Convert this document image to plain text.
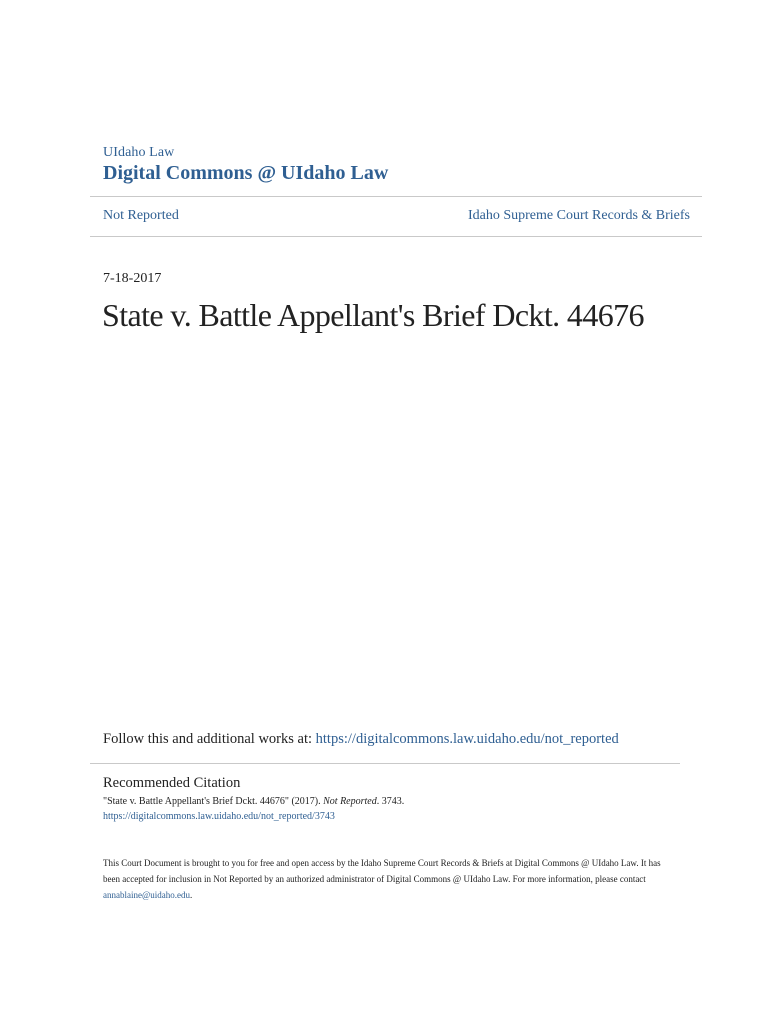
UIdaho Law
Digital Commons @ UIdaho Law
Not Reported	Idaho Supreme Court Records & Briefs
7-18-2017
State v. Battle Appellant's Brief Dckt. 44676
Follow this and additional works at: https://digitalcommons.law.uidaho.edu/not_reported
Recommended Citation
"State v. Battle Appellant's Brief Dckt. 44676" (2017). Not Reported. 3743.
https://digitalcommons.law.uidaho.edu/not_reported/3743
This Court Document is brought to you for free and open access by the Idaho Supreme Court Records & Briefs at Digital Commons @ UIdaho Law. It has been accepted for inclusion in Not Reported by an authorized administrator of Digital Commons @ UIdaho Law. For more information, please contact annablaine@uidaho.edu.
